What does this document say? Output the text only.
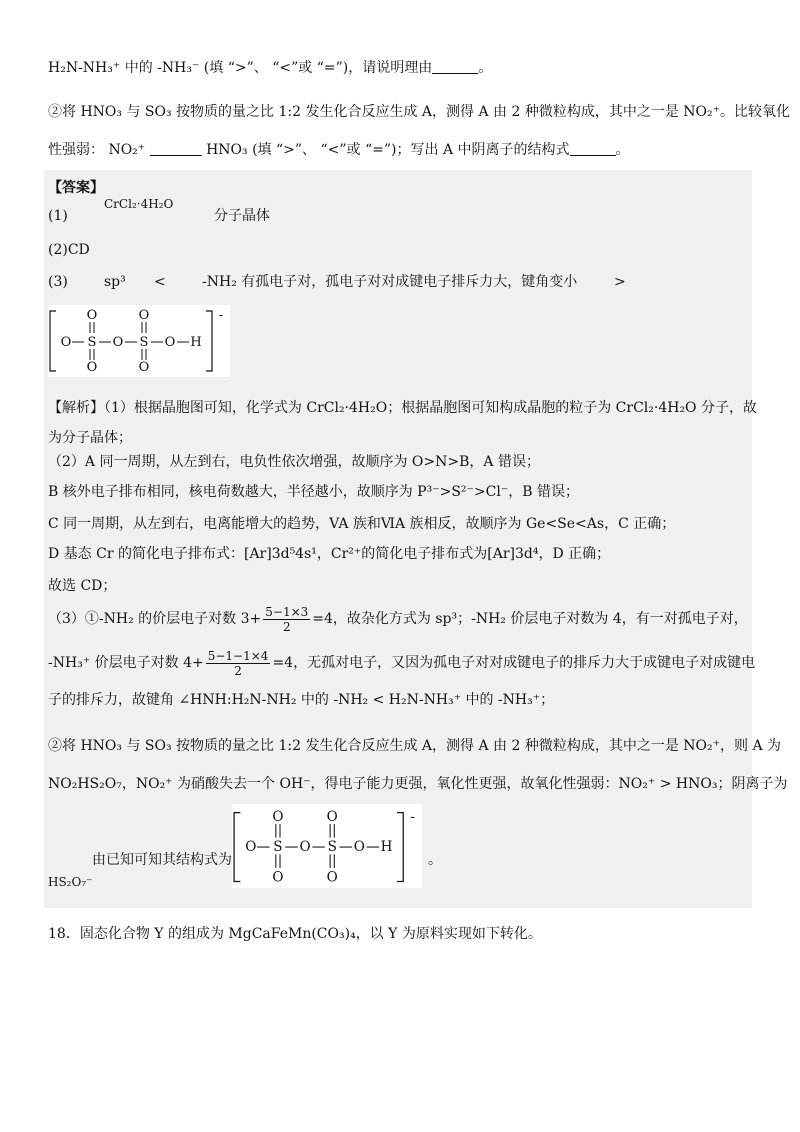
H₂N-NH₃⁺ 中的 -NH₃⁻ (填 “>”、 “<”或 “=”)，请说明理由	。
②将 HNO₃ 与 SO₃ 按物质的量之比 1:2 发生化合反应生成 A，测得 A 由 2 种微粒构成，其中之一是 NO₂⁺。比较氧化
性强弱： NO₂⁺	HNO₃ (填 “>”、 “<”或 “=”)；写出 A 中阴离子的结构式	。
【答案】
(1)
CrCl₂·4H₂O
分子晶体
(2)CD
(3)	sp³ <	-NH₂ 有孤电子对，孤电子对对成键电子排斥力大，键角变小	>
O S
O
O
O S
O
O
O H
-
【解析】（1）根据晶胞图可知，化学式为 CrCl₂·4H₂O；根据晶胞图可知构成晶胞的粒子为 CrCl₂·4H₂O 分子，故
为分子晶体；
（2）A 同一周期，从左到右，电负性依次增强，故顺序为 O>N>B，A 错误；
B 核外电子排布相同，核电荷数越大，半径越小，故顺序为 P³⁻>S²⁻>Cl⁻，B 错误；
C 同一周期，从左到右，电离能增大的趋势，VA 族和ⅥA 族相反，故顺序为 Ge<Se<As，C 正确；
D 基态 Cr 的简化电子排布式：[Ar]3d⁵4s¹，Cr²⁺的简化电子排布式为[Ar]3d⁴，D 正确；
故选 CD；
（3）①-NH₂ 的价层电子对数 $3+ \frac{5-1\times 3}{2} =4$，故杂化方式为 sp³；-NH₂ 价层电子对数为 4，有一对孤电子对，
-NH₃⁺ 价层电子对数 $4+ \frac{5-1-1\times 4}{2} =4$，无孤对电子，又因为孤电子对对成键电子的排斥力大于成键电子对成键电
子的排斥力，故键角 ∠HNH:H₂N-NH₂ 中的 -NH₂ < H₂N-NH₃⁺ 中的 -NH₃⁺；
②将 HNO₃ 与 SO₃ 按物质的量之比 1:2 发生化合反应生成 A，测得 A 由 2 种微粒构成，其中之一是 NO₂⁺，则 A 为
NO₂HS₂O₇，NO₂⁺ 为硝酸失去一个 OH⁻，得电子能力更强，氧化性更强，故氧化性强弱：NO₂⁺ > HNO₃；阴离子为
由已知可知其结构式为	。
HS₂O₇⁻
O S
O
O
O S
O
O
O H
-
18．固态化合物 Y 的组成为 MgCaFeMn(CO₃)₄，以 Y 为原料实现如下转化。
